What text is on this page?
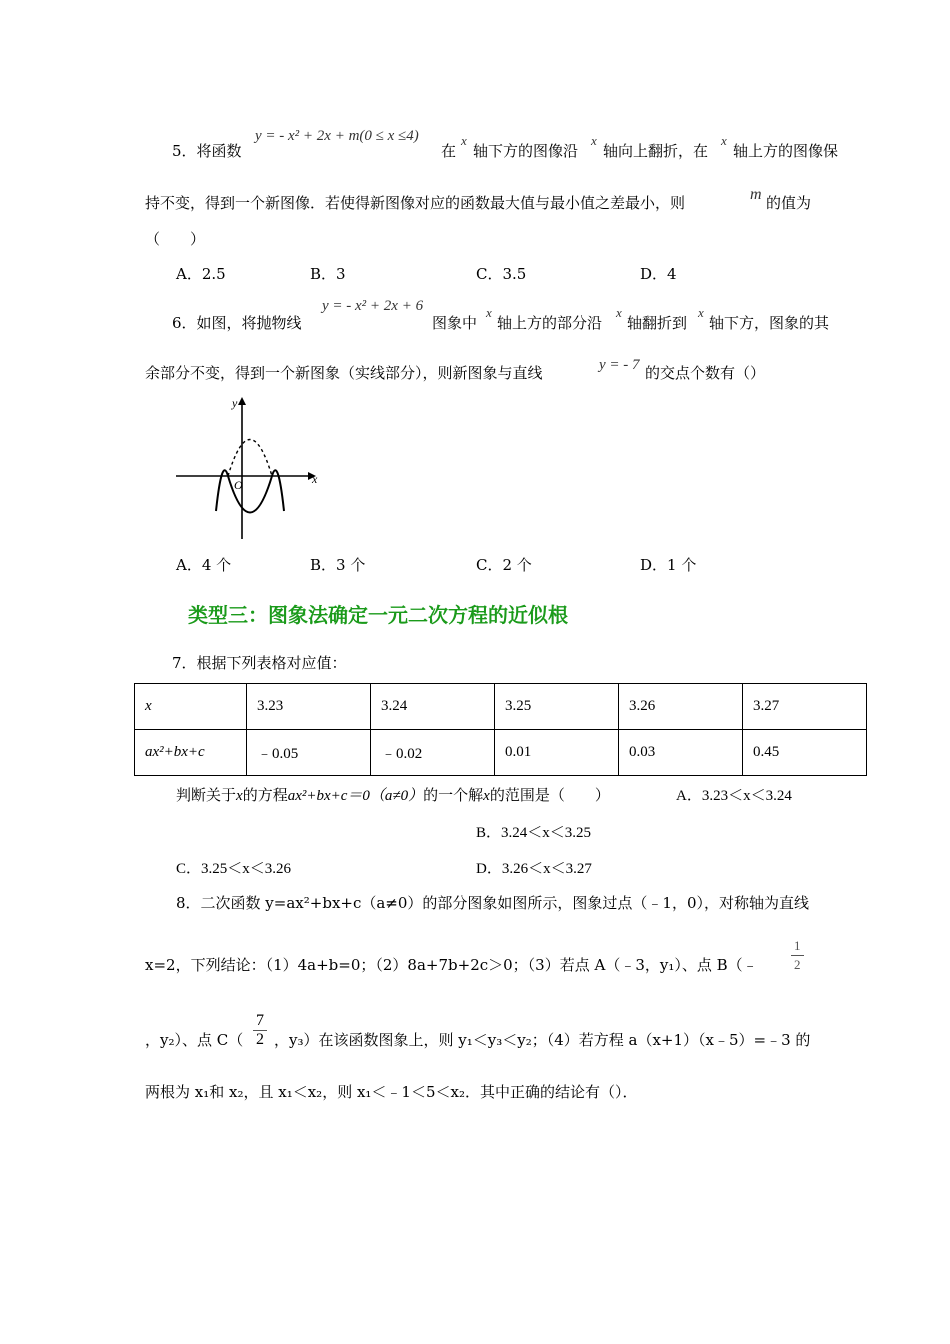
5．将函数
y = - x² + 2x + m(0 ≤ x ≤4)
在
x
轴下方的图像沿
x
轴向上翻折，在
x
轴上方的图像保
持不变，得到一个新图像．若使得新图像对应的函数最大值与最小值之差最小，则	m 的值为
（　　）
A．2.5	B．3	C．3.5	D．4
6．如图，将抛物线
y = - x² + 2x + 6
图象中
x
轴上方的部分沿
x
轴翻折到
x
轴下方，图象的其
余部分不变，得到一个新图象（实线部分），则新图象与直线	y = - 7 的交点个数有（）
y
x
O
A．4 个	B．3 个	C．2 个	D．1 个
类型三：图象法确定一元二次方程的近似根
7．根据下列表格对应值：
x	3.23	3.24	3.25	3.26	3.27
ax²+bx+c	﹣0.05	﹣0.02	0.01	0.03	0.45
判断关于x的方程ax²+bx+c＝0（a≠0）的一个解x的范围是（　　）	A．3.23＜x＜3.24
B．3.24＜x＜3.25
C．3.25＜x＜3.26	D．3.26＜x＜3.27
8．二次函数 y=ax²+bx+c（a≠0）的部分图象如图所示，图象过点（﹣1，0），对称轴为直线
x=2，下列结论：（1）4a+b=0；（2）8a+7b+2c＞0；（3）若点 A（﹣3，y₁）、点 B（﹣	$\frac{1}{2}$
，y₂）、点 $C( \frac{7}{2}$ ，y₃）在该函数图象上，则 y₁＜y₃＜y₂；（4）若方程 a（x+1）（x﹣5）=﹣3 的
两根为 x₁和 x₂，且 x₁＜x₂，则 x₁＜﹣1＜5＜x₂．其中正确的结论有（）．
